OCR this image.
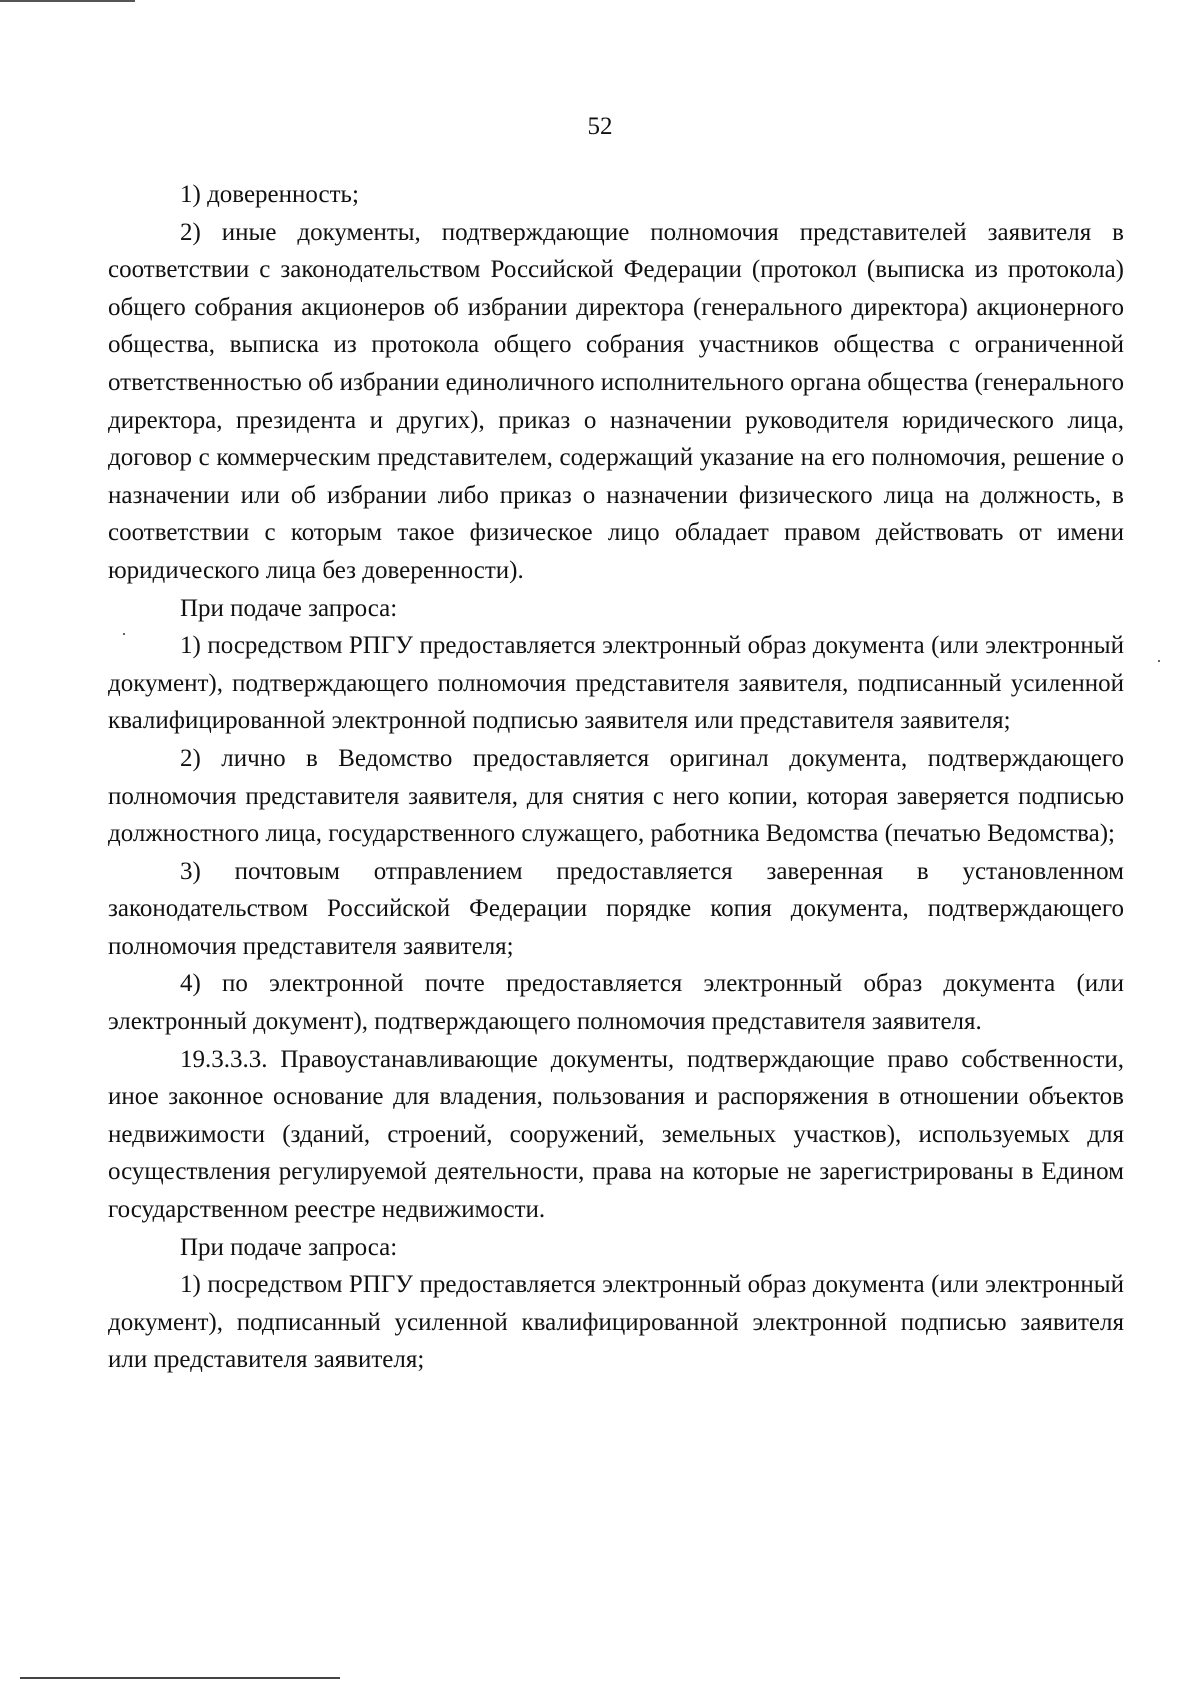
52

1) доверенность;

2) иные документы, подтверждающие полномочия представителей заявителя в соответствии с законодательством Российской Федерации (протокол (выписка из протокола) общего собрания акционеров об избрании директора (генерального директора) акционерного общества, выписка из протокола общего собрания участников общества с ограниченной ответственностью об избрании единоличного исполнительного органа общества (генерального директора, президента и других), приказ о назначении руководителя юридического лица, договор с коммерческим представителем, содержащий указание на его полномочия, решение о назначении или об избрании либо приказ о назначении физического лица на должность, в соответствии с которым такое физическое лицо обладает правом действовать от имени юридического лица без доверенности).

При подаче запроса:

1) посредством РПГУ предоставляется электронный образ документа (или электронный документ), подтверждающего полномочия представителя заявителя, подписанный усиленной квалифицированной электронной подписью заявителя или представителя заявителя;

2) лично в Ведомство предоставляется оригинал документа, подтверждающего полномочия представителя заявителя, для снятия с него копии, которая заверяется подписью должностного лица, государственного служащего, работника Ведомства (печатью Ведомства);

3) почтовым отправлением предоставляется заверенная в установленном законодательством Российской Федерации порядке копия документа, подтверждающего полномочия представителя заявителя;

4) по электронной почте предоставляется электронный образ документа (или электронный документ), подтверждающего полномочия представителя заявителя.

19.3.3.3. Правоустанавливающие документы, подтверждающие право собственности, иное законное основание для владения, пользования и распоряжения в отношении объектов недвижимости (зданий, строений, сооружений, земельных участков), используемых для осуществления регулируемой деятельности, права на которые не зарегистрированы в Едином государственном реестре недвижимости.

При подаче запроса:

1) посредством РПГУ предоставляется электронный образ документа (или электронный документ), подписанный усиленной квалифицированной электронной подписью заявителя или представителя заявителя;
